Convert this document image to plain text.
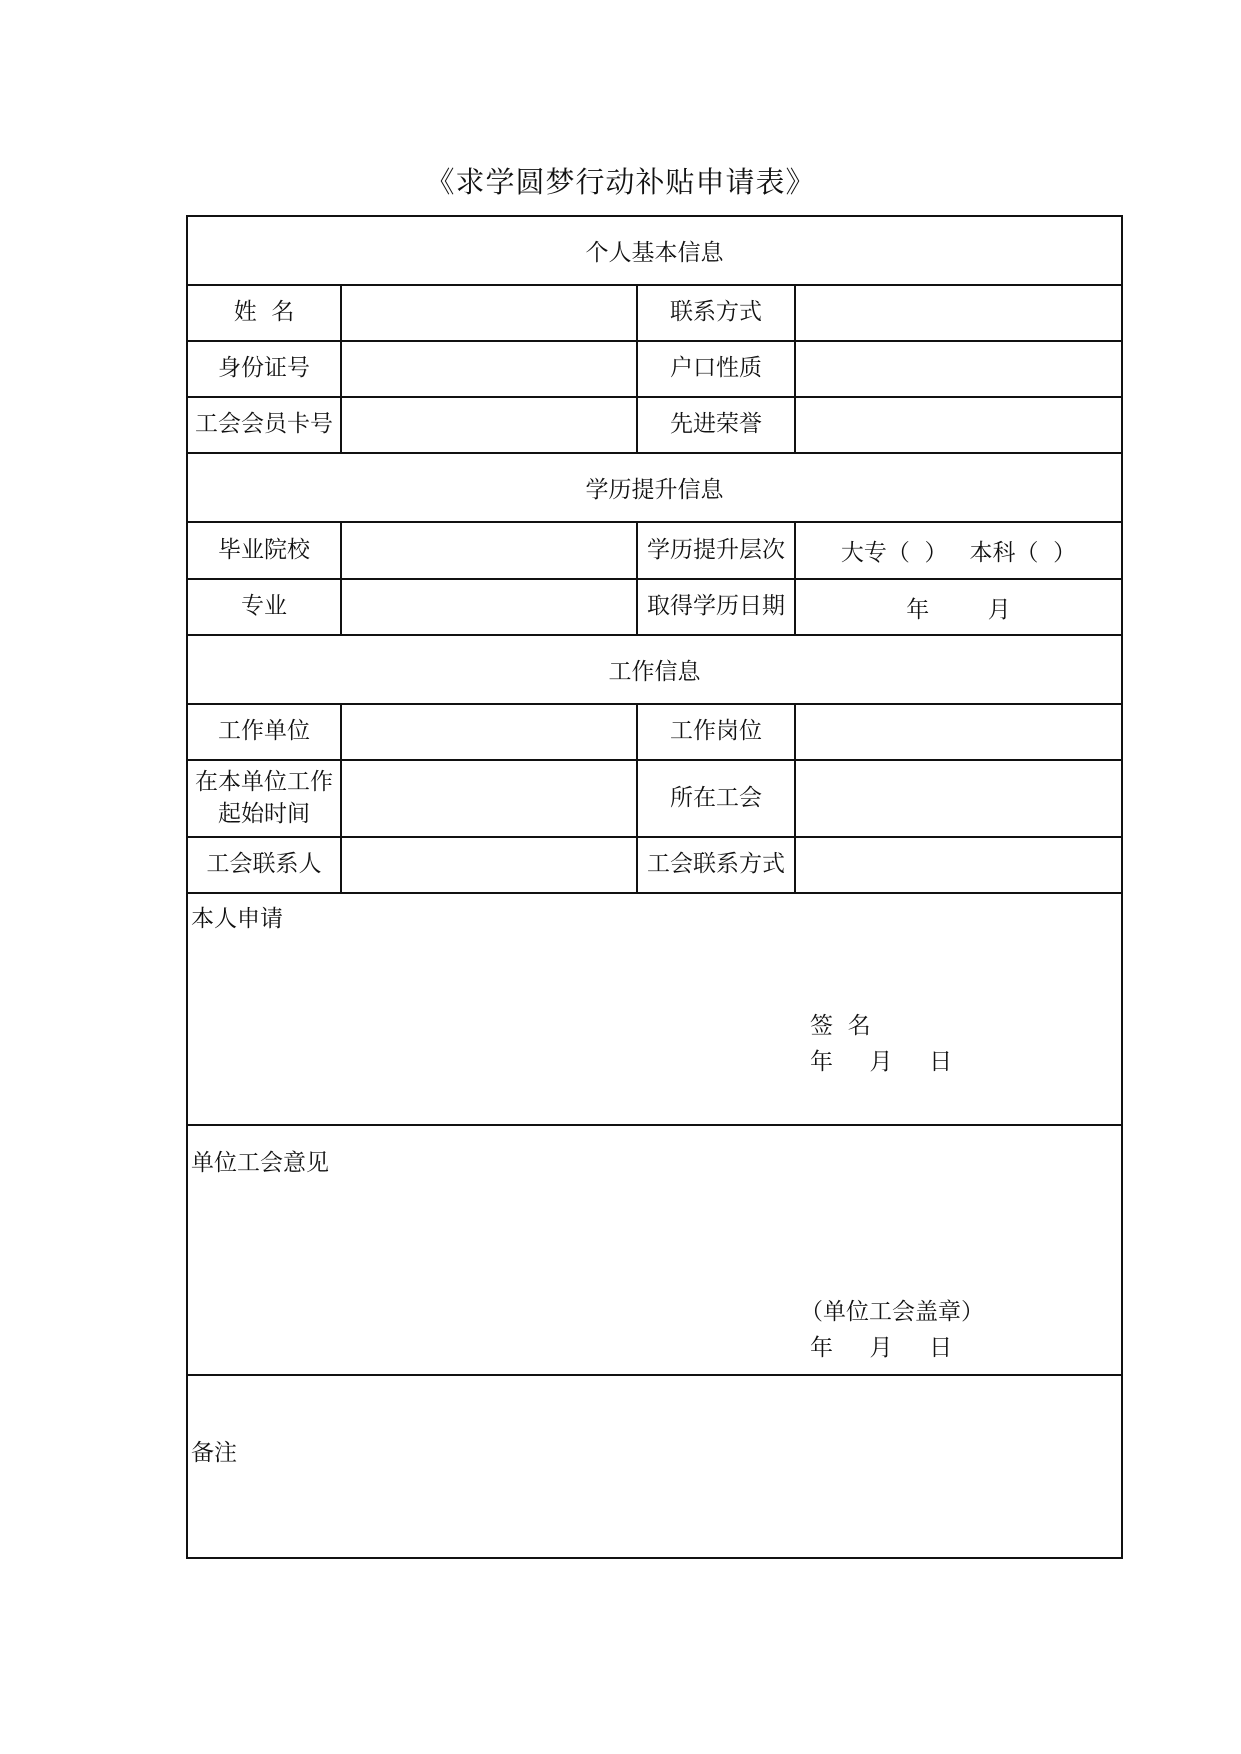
《求学圆梦行动补贴申请表》
个人基本信息			
姓  名		联系方式	
身份证号		户口性质	
工会会员卡号		先进荣誉	
学历提升信息			
毕业院校		学历提升层次	大专（  ）   本科（  ）
专业		取得学历日期	年        月
工作信息			
工作单位		工作岗位	

在本单位工作
起始时间		所在工会	
工会联系人		工会联系方式	

本人申请
签  名
年     月     日			

单位工会意见
（单位工会盖章）
年     月     日			

备注			
